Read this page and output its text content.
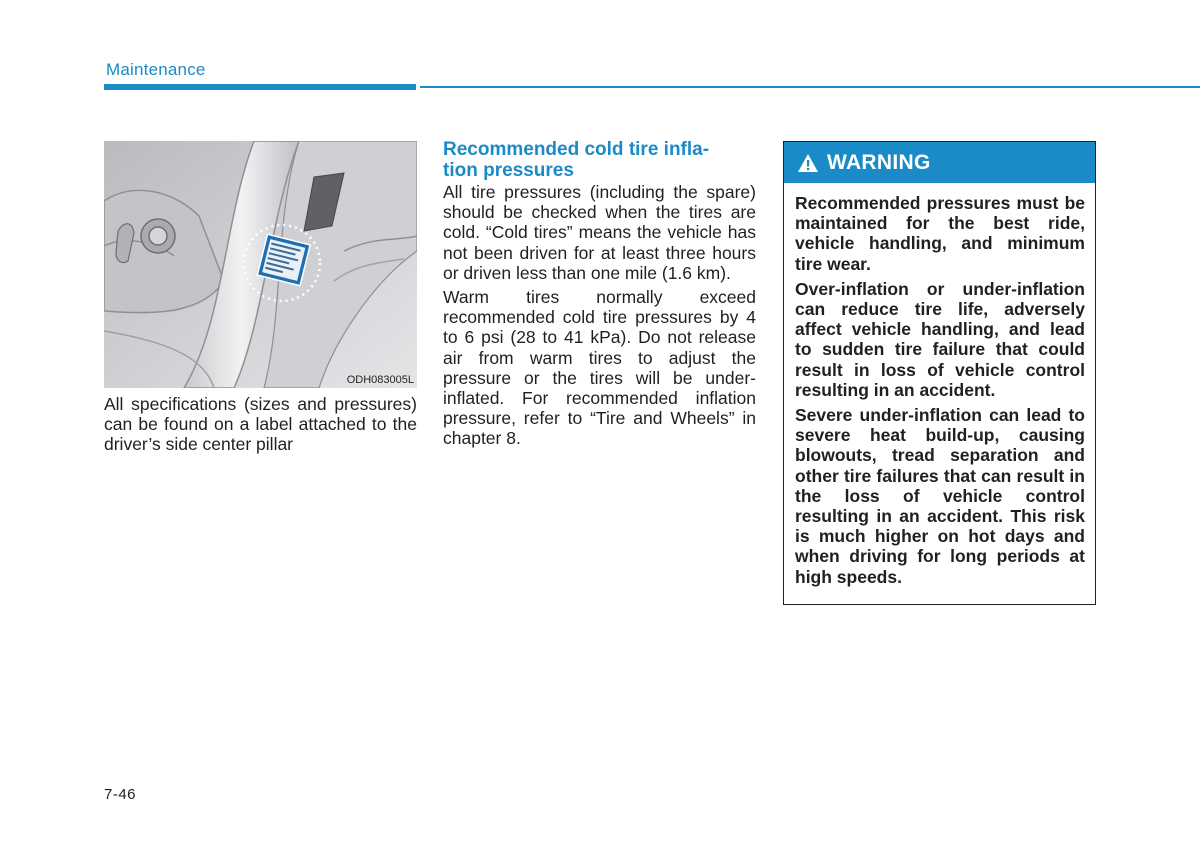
Maintenance
ODH083005L
All specifications (sizes and pressures) can be found on a label attached to the driver’s side center pillar
Recommended cold tire infla-
tion pressures

All tire pressures (including the spare) should be checked when the tires are cold. “Cold tires” means the vehicle has not been driven for at least three hours or driven less than one mile (1.6 km).

Warm tires normally exceed recommended cold tire pressures by 4 to 6 psi (28 to 41 kPa). Do not release air from warm tires to adjust the pressure or the tires will be under-inflated. For recommended inflation pressure, refer to “Tire and Wheels” in chapter 8.

WARNING

Recommended pressures must be maintained for the best ride, vehicle handling, and minimum tire wear.

Over-inflation or under-inflation can reduce tire life, adversely affect vehicle handling, and lead to sudden tire failure that could result in loss of vehicle control resulting in an accident.

Severe under-inflation can lead to severe heat build-up, causing blowouts, tread separation and other tire failures that can result in the loss of vehicle control resulting in an accident. This risk is much higher on hot days and when driving for long periods at high speeds.

7-46
